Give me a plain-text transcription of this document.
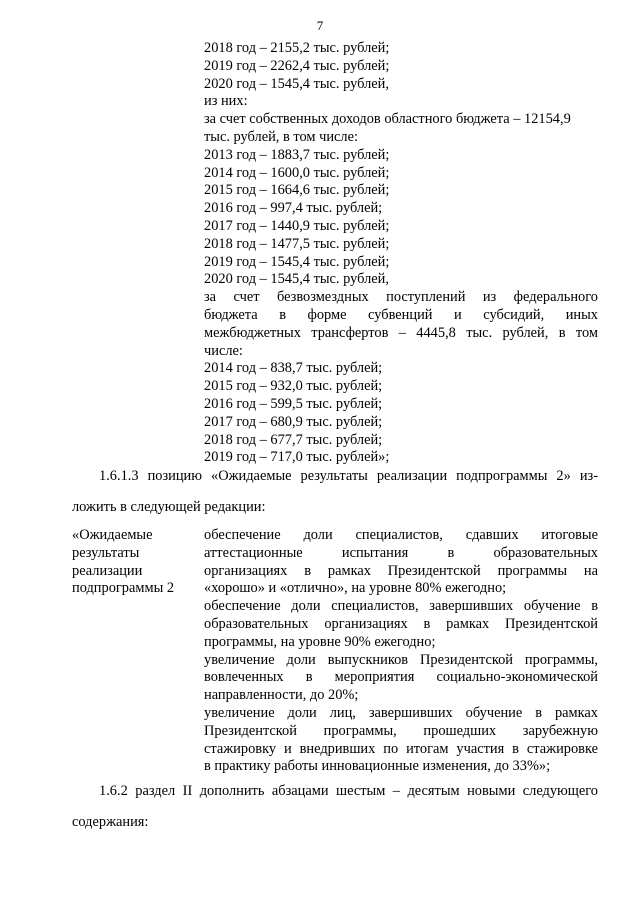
7
2018 год – 2155,2 тыс. рублей;
2019 год – 2262,4 тыс. рублей;
2020 год – 1545,4 тыс. рублей,
из них:
за счет собственных доходов областного бюджета – 12154,9
тыс. рублей, в том числе:
2013 год – 1883,7 тыс. рублей;
2014 год – 1600,0 тыс. рублей;
2015 год – 1664,6 тыс. рублей;
2016 год – 997,4 тыс. рублей;
2017 год – 1440,9 тыс. рублей;
2018 год – 1477,5 тыс. рублей;
2019 год – 1545,4 тыс. рублей;
2020 год – 1545,4 тыс. рублей,
за счет безвозмездных поступлений из федерального
бюджета в форме субвенций и субсидий, иных
межбюджетных трансфертов – 4445,8 тыс. рублей, в том
числе:
2014 год – 838,7 тыс. рублей;
2015 год – 932,0 тыс. рублей;
2016 год – 599,5 тыс. рублей;
2017 год – 680,9 тыс. рублей;
2018 год – 677,7 тыс. рублей;
2019 год – 717,0 тыс. рублей»;
1.6.1.3 позицию «Ожидаемые результаты реализации подпрограммы 2» из-
ложить в следующей редакции:
«Ожидаемые
результаты
реализации
подпрограммы 2
обеспечение доли специалистов, сдавших итоговые
аттестационные испытания в образовательных
организациях в рамках Президентской программы на
«хорошо» и «отлично», на уровне 80% ежегодно;
обеспечение доли специалистов, завершивших обучение в
образовательных организациях в рамках Президентской
программы, на уровне 90% ежегодно;
увеличение доли выпускников Президентской программы,
вовлеченных в мероприятия социально-экономической
направленности, до 20%;
увеличение доли лиц, завершивших обучение в рамках
Президентской программы, прошедших зарубежную
стажировку и внедривших по итогам участия в стажировке
в практику работы инновационные изменения, до 33%»;
1.6.2 раздел II дополнить абзацами шестым – десятым новыми следующего
содержания:
